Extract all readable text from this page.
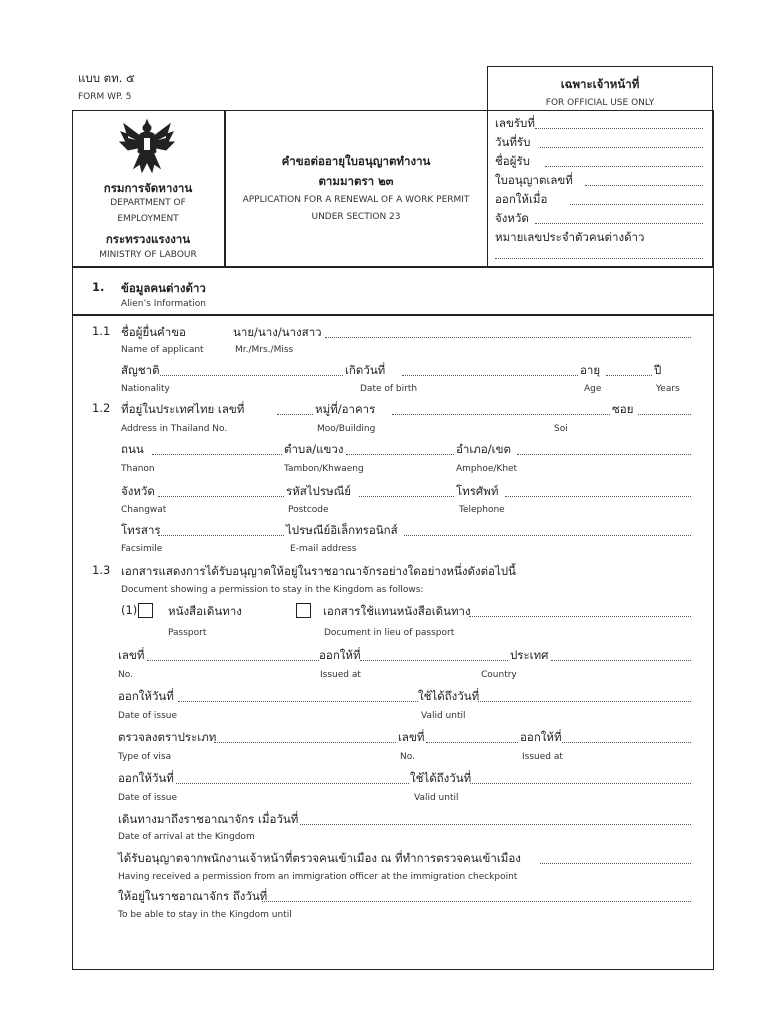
แบบ ตท. ๕
FORM WP. 5
เฉพาะเจ้าหน้าที่
FOR OFFICIAL USE ONLY
เลขรับที่
วันที่รับ
ชื่อผู้รับ
ใบอนุญาตเลขที่
ออกให้เมื่อ
จังหวัด
หมายเลขประจำตัวคนต่างด้าว
กรมการจัดหางาน
DEPARTMENT OF
EMPLOYMENT
กระทรวงแรงงาน
MINISTRY OF LABOUR
คำขอต่ออายุใบอนุญาตทำงาน
ตามมาตรา ๒๓
APPLICATION FOR A RENEWAL OF A WORK PERMIT
UNDER SECTION 23
1. ข้อมูลคนต่างด้าว
Alien’s Information
1.1 ชื่อผู้ยื่นคำขอ	นาย/นาง/นางสาว
Name of applicant	Mr./Mrs./Miss
สัญชาติ	เกิดวันที่	อายุ	ปี
Nationality	Date of birth	Age	Years
1.2 ที่อยู่ในประเทศไทย เลขที่	หมู่ที่/อาคาร	ซอย
Address in Thailand No.	Moo/Building	Soi
ถนน	ตำบล/แขวง	อำเภอ/เขต
Thanon	Tambon/Khwaeng	Amphoe/Khet
จังหวัด	รหัสไปรษณีย์	โทรศัพท์
Changwat	Postcode	Telephone
โทรสาร	ไปรษณีย์อิเล็กทรอนิกส์
Facsimile	E-mail address
1.3 เอกสารแสดงการได้รับอนุญาตให้อยู่ในราชอาณาจักรอย่างใดอย่างหนึ่งดังต่อไปนี้
Document showing a permission to stay in the Kingdom as follows:
(1)	หนังสือเดินทาง	เอกสารใช้แทนหนังสือเดินทาง
Passport	Document in lieu of passport
เลขที่	ออกให้ที่	ประเทศ
No.	Issued at	Country
ออกให้วันที่	ใช้ได้ถึงวันที่
Date of issue	Valid until
ตรวจลงตราประเภท	เลขที่	ออกให้ที่
Type of visa	No.	Issued at
ออกให้วันที่	ใช้ได้ถึงวันที่
Date of issue	Valid until
เดินทางมาถึงราชอาณาจักร เมื่อวันที่
Date of arrival at the Kingdom
ได้รับอนุญาตจากพนักงานเจ้าหน้าที่ตรวจคนเข้าเมือง ณ ที่ทำการตรวจคนเข้าเมือง
Having received a permission from an immigration officer at the immigration checkpoint
ให้อยู่ในราชอาณาจักร ถึงวันที่
To be able to stay in the Kingdom until
